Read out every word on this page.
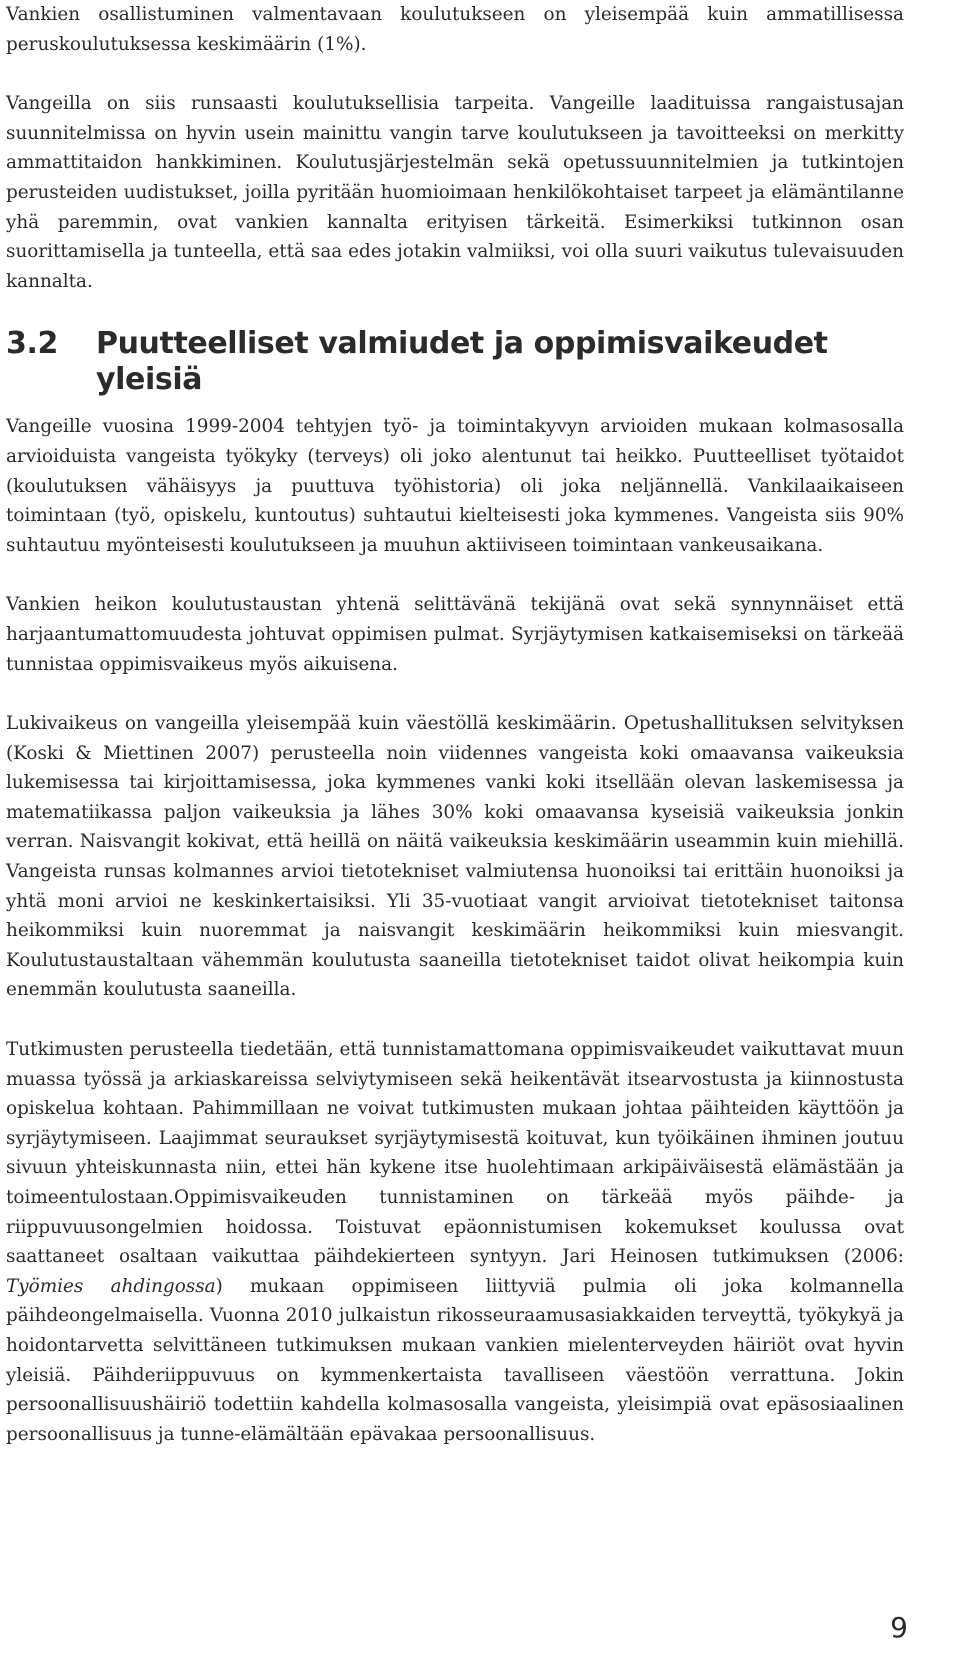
Vankien osallistuminen valmentavaan koulutukseen on yleisempää kuin ammatillisessa peruskoulutuksessa keskimäärin (1%).

Vangeilla on siis runsaasti koulutuksellisia tarpeita. Vangeille laadituissa rangaistusajan suunnitelmissa on hyvin usein mainittu vangin tarve koulutukseen ja tavoitteeksi on merkitty ammattitaidon hankkiminen. Koulutusjärjestelmän sekä opetussuunnitelmien ja tutkintojen perusteiden uudistukset, joilla pyritään huomioimaan henkilökohtaiset tarpeet ja elämäntilanne yhä paremmin, ovat vankien kannalta erityisen tärkeitä. Esimerkiksi tutkinnon osan suorittamisella ja tunteella, että saa edes jotakin valmiiksi, voi olla suuri vaikutus tulevaisuuden kannalta.

3.2	Puutteelliset valmiudet ja oppimisvaikeudet yleisiä

Vangeille vuosina 1999-2004 tehtyjen työ- ja toimintakyvyn arvioiden mukaan kolmasosalla arvioiduista vangeista työkyky (terveys) oli joko alentunut tai heikko. Puutteelliset työtaidot (koulutuksen vähäisyys ja puuttuva työhistoria) oli joka neljännellä. Vankilaaikaiseen toimintaan (työ, opiskelu, kuntoutus) suhtautui kielteisesti joka kymmenes. Vangeista siis 90% suhtautuu myönteisesti koulutukseen ja muuhun aktiiviseen toimintaan vankeusaikana.

Vankien heikon koulutustaustan yhtenä selittävänä tekijänä ovat sekä synnynnäiset että harjaantumattomuudesta johtuvat oppimisen pulmat. Syrjäytymisen katkaisemiseksi on tärkeää tunnistaa oppimisvaikeus myös aikuisena.

Lukivaikeus on vangeilla yleisempää kuin väestöllä keskimäärin. Opetushallituksen selvityksen (Koski & Miettinen 2007) perusteella noin viidennes vangeista koki omaavansa vaikeuksia lukemisessa tai kirjoittamisessa, joka kymmenes vanki koki itsellään olevan laskemisessa ja matematiikassa paljon vaikeuksia ja lähes 30% koki omaavansa kyseisiä vaikeuksia jonkin verran. Naisvangit kokivat, että heillä on näitä vaikeuksia keskimäärin useammin kuin miehillä. Vangeista runsas kolmannes arvioi tietotekniset valmiutensa huonoiksi tai erittäin huonoiksi ja yhtä moni arvioi ne keskinkertaisiksi. Yli 35-vuotiaat vangit arvioivat tietotekniset taitonsa heikommiksi kuin nuoremmat ja naisvangit keskimäärin heikommiksi kuin miesvangit. Koulutustaustaltaan vähemmän koulutusta saaneilla tietotekniset taidot olivat heikompia kuin enemmän koulutusta saaneilla.

Tutkimusten perusteella tiedetään, että tunnistamattomana oppimisvaikeudet vaikuttavat muun muassa työssä ja arkiaskareissa selviytymiseen sekä heikentävät itsearvostusta ja kiinnostusta opiskelua kohtaan. Pahimmillaan ne voivat tutkimusten mukaan johtaa päihteiden käyttöön ja syrjäytymiseen. Laajimmat seuraukset syrjäytymisestä koituvat, kun työikäinen ihminen joutuu sivuun yhteiskunnasta niin, ettei hän kykene itse huolehtimaan arkipäiväisestä elämästään ja toimeentulostaan.Oppimisvaikeuden tunnistaminen on tärkeää myös päihde- ja riippuvuusongelmien hoidossa. Toistuvat epäonnistumisen kokemukset koulussa ovat saattaneet osaltaan vaikuttaa päihdekierteen syntyyn. Jari Heinosen tutkimuksen (2006: Työmies ahdingossa) mukaan oppimiseen liittyviä pulmia oli joka kolmannella päihdeongelmaisella. Vuonna 2010 julkaistun rikosseuraamusasiakkaiden terveyttä, työkykyä ja hoidontarvetta selvittäneen tutkimuksen mukaan vankien mielenterveyden häiriöt ovat hyvin yleisiä. Päihderiippuvuus on kymmenkertaista tavalliseen väestöön verrattuna. Jokin persoonallisuushäiriö todettiin kahdella kolmasosalla vangeista, yleisimpiä ovat epäsosiaalinen persoonallisuus ja tunne-elämältään epävakaa persoonallisuus.

9
